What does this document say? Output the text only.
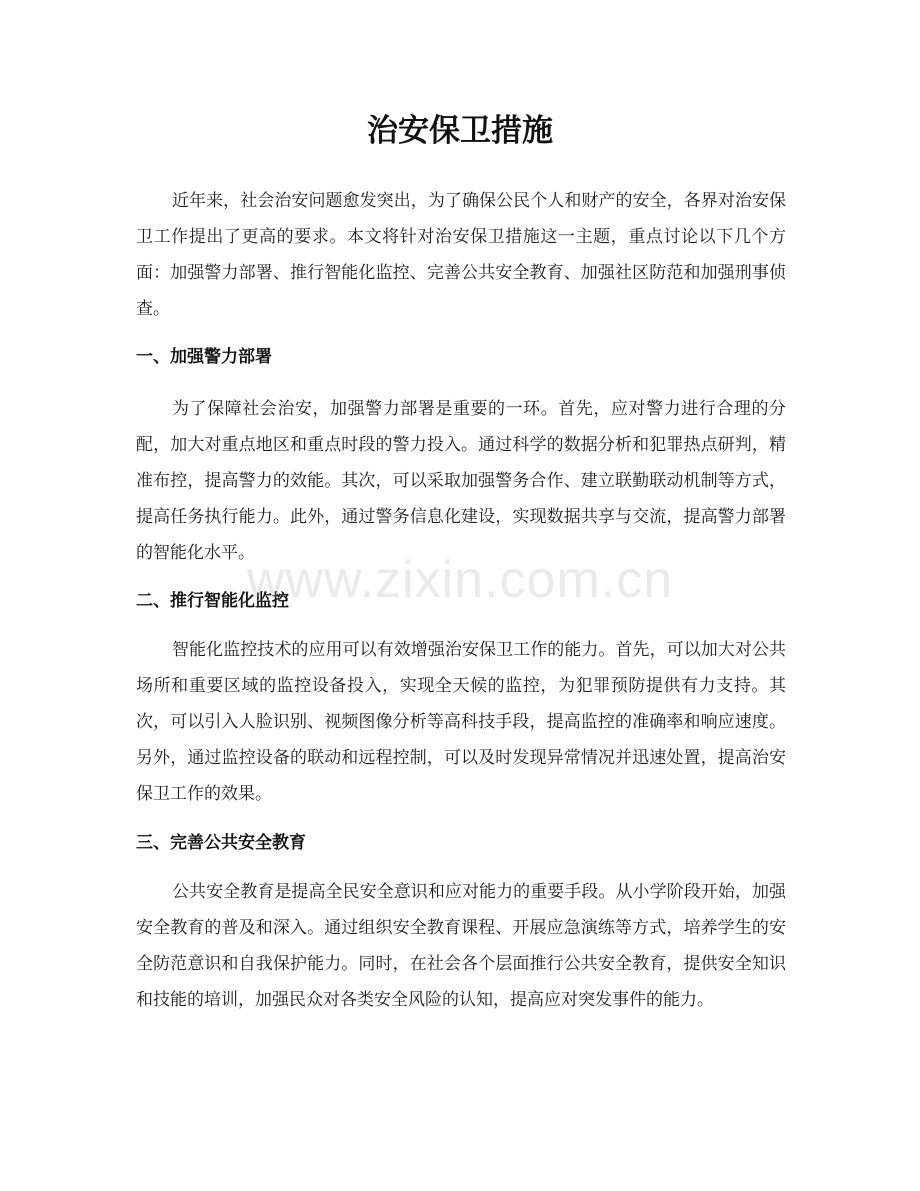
治安保卫措施

近年来，社会治安问题愈发突出，为了确保公民个人和财产的安全，各界对治安保卫工作提出了更高的要求。本文将针对治安保卫措施这一主题，重点讨论以下几个方面：加强警力部署、推行智能化监控、完善公共安全教育、加强社区防范和加强刑事侦查。

一、加强警力部署

为了保障社会治安，加强警力部署是重要的一环。首先，应对警力进行合理的分配，加大对重点地区和重点时段的警力投入。通过科学的数据分析和犯罪热点研判，精准布控，提高警力的效能。其次，可以采取加强警务合作、建立联勤联动机制等方式，提高任务执行能力。此外，通过警务信息化建设，实现数据共享与交流，提高警力部署的智能化水平。

二、推行智能化监控

智能化监控技术的应用可以有效增强治安保卫工作的能力。首先，可以加大对公共场所和重要区域的监控设备投入，实现全天候的监控，为犯罪预防提供有力支持。其次，可以引入人脸识别、视频图像分析等高科技手段，提高监控的准确率和响应速度。另外，通过监控设备的联动和远程控制，可以及时发现异常情况并迅速处置，提高治安保卫工作的效果。

三、完善公共安全教育

公共安全教育是提高全民安全意识和应对能力的重要手段。从小学阶段开始，加强安全教育的普及和深入。通过组织安全教育课程、开展应急演练等方式，培养学生的安全防范意识和自我保护能力。同时，在社会各个层面推行公共安全教育，提供安全知识和技能的培训，加强民众对各类安全风险的认知，提高应对突发事件的能力。

www.zixin.com.cn
